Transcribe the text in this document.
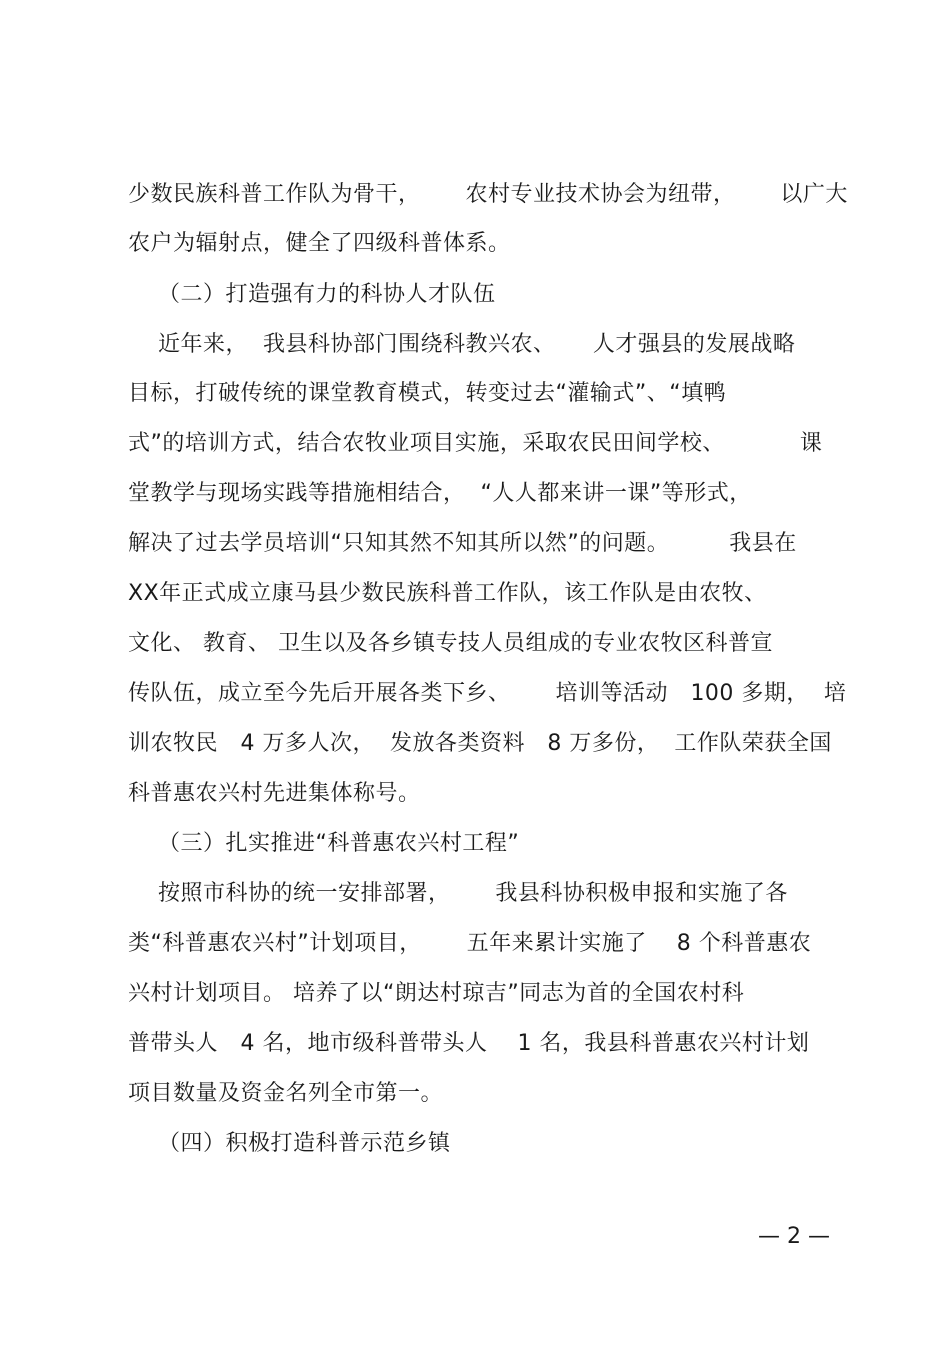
少数民族科普工作队为骨干，      农村专业技术协会为纽带，      以广大
农户为辐射点，健全了四级科普体系。
（二）打造强有力的科协人才队伍
近年来，  我县科协部门围绕科教兴农、     人才强县的发展战略
目标，打破传统的课堂教育模式，转变过去“灌输式”、“填鸭
式”的培训方式，结合农牧业项目实施，采取农民田间学校、          课
堂教学与现场实践等措施相结合，  “人人都来讲一课”等形式，
解决了过去学员培训“只知其然不知其所以然”的问题。        我县在
XX年正式成立康马县少数民族科普工作队，该工作队是由农牧、
文化、 教育、 卫生以及各乡镇专技人员组成的专业农牧区科普宣
传队伍，成立至今先后开展各类下乡、      培训等活动   100 多期，  培
训农牧民   4 万多人次，  发放各类资料   8 万多份，  工作队荣获全国
科普惠农兴村先进集体称号。
（三）扎实推进“科普惠农兴村工程”
按照市科协的统一安排部署，      我县科协积极申报和实施了各
类“科普惠农兴村”计划项目，      五年来累计实施了    8 个科普惠农
兴村计划项目。 培养了以“朗达村琼吉”同志为首的全国农村科
普带头人   4 名，地市级科普带头人    1 名，我县科普惠农兴村计划
项目数量及资金名列全市第一。
（四）积极打造科普示范乡镇
— 2 —
